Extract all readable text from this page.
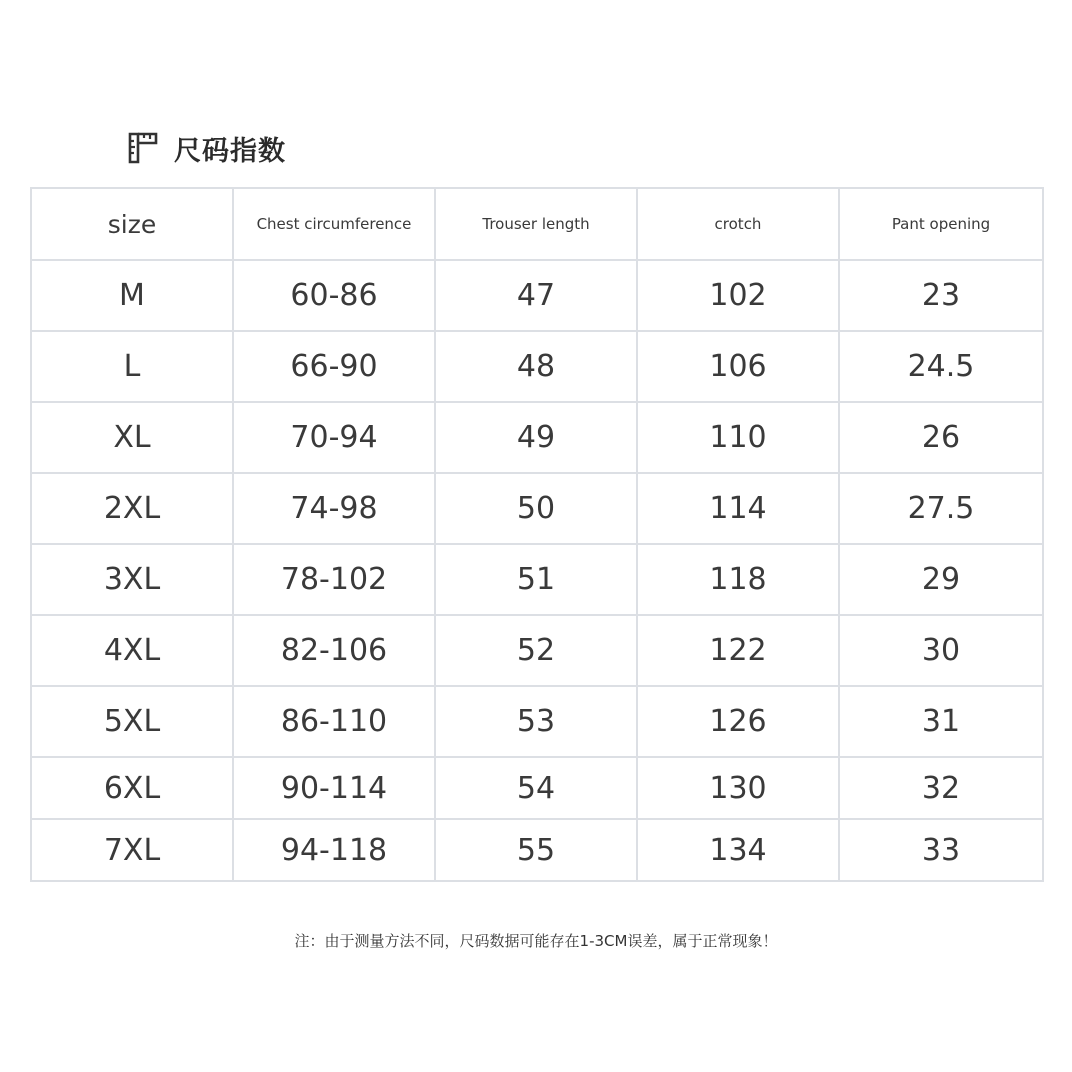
尺码指数
size	Chest circumference	Trouser length	crotch	Pant opening
M	60-86	47	102	23
L	66-90	48	106	24.5
XL	70-94	49	110	26
2XL	74-98	50	114	27.5
3XL	78-102	51	118	29
4XL	82-106	52	122	30
5XL	86-110	53	126	31
6XL	90-114	54	130	32
7XL	94-118	55	134	33
注：由于测量方法不同，尺码数据可能存在1-3CM误差，属于正常现象！
